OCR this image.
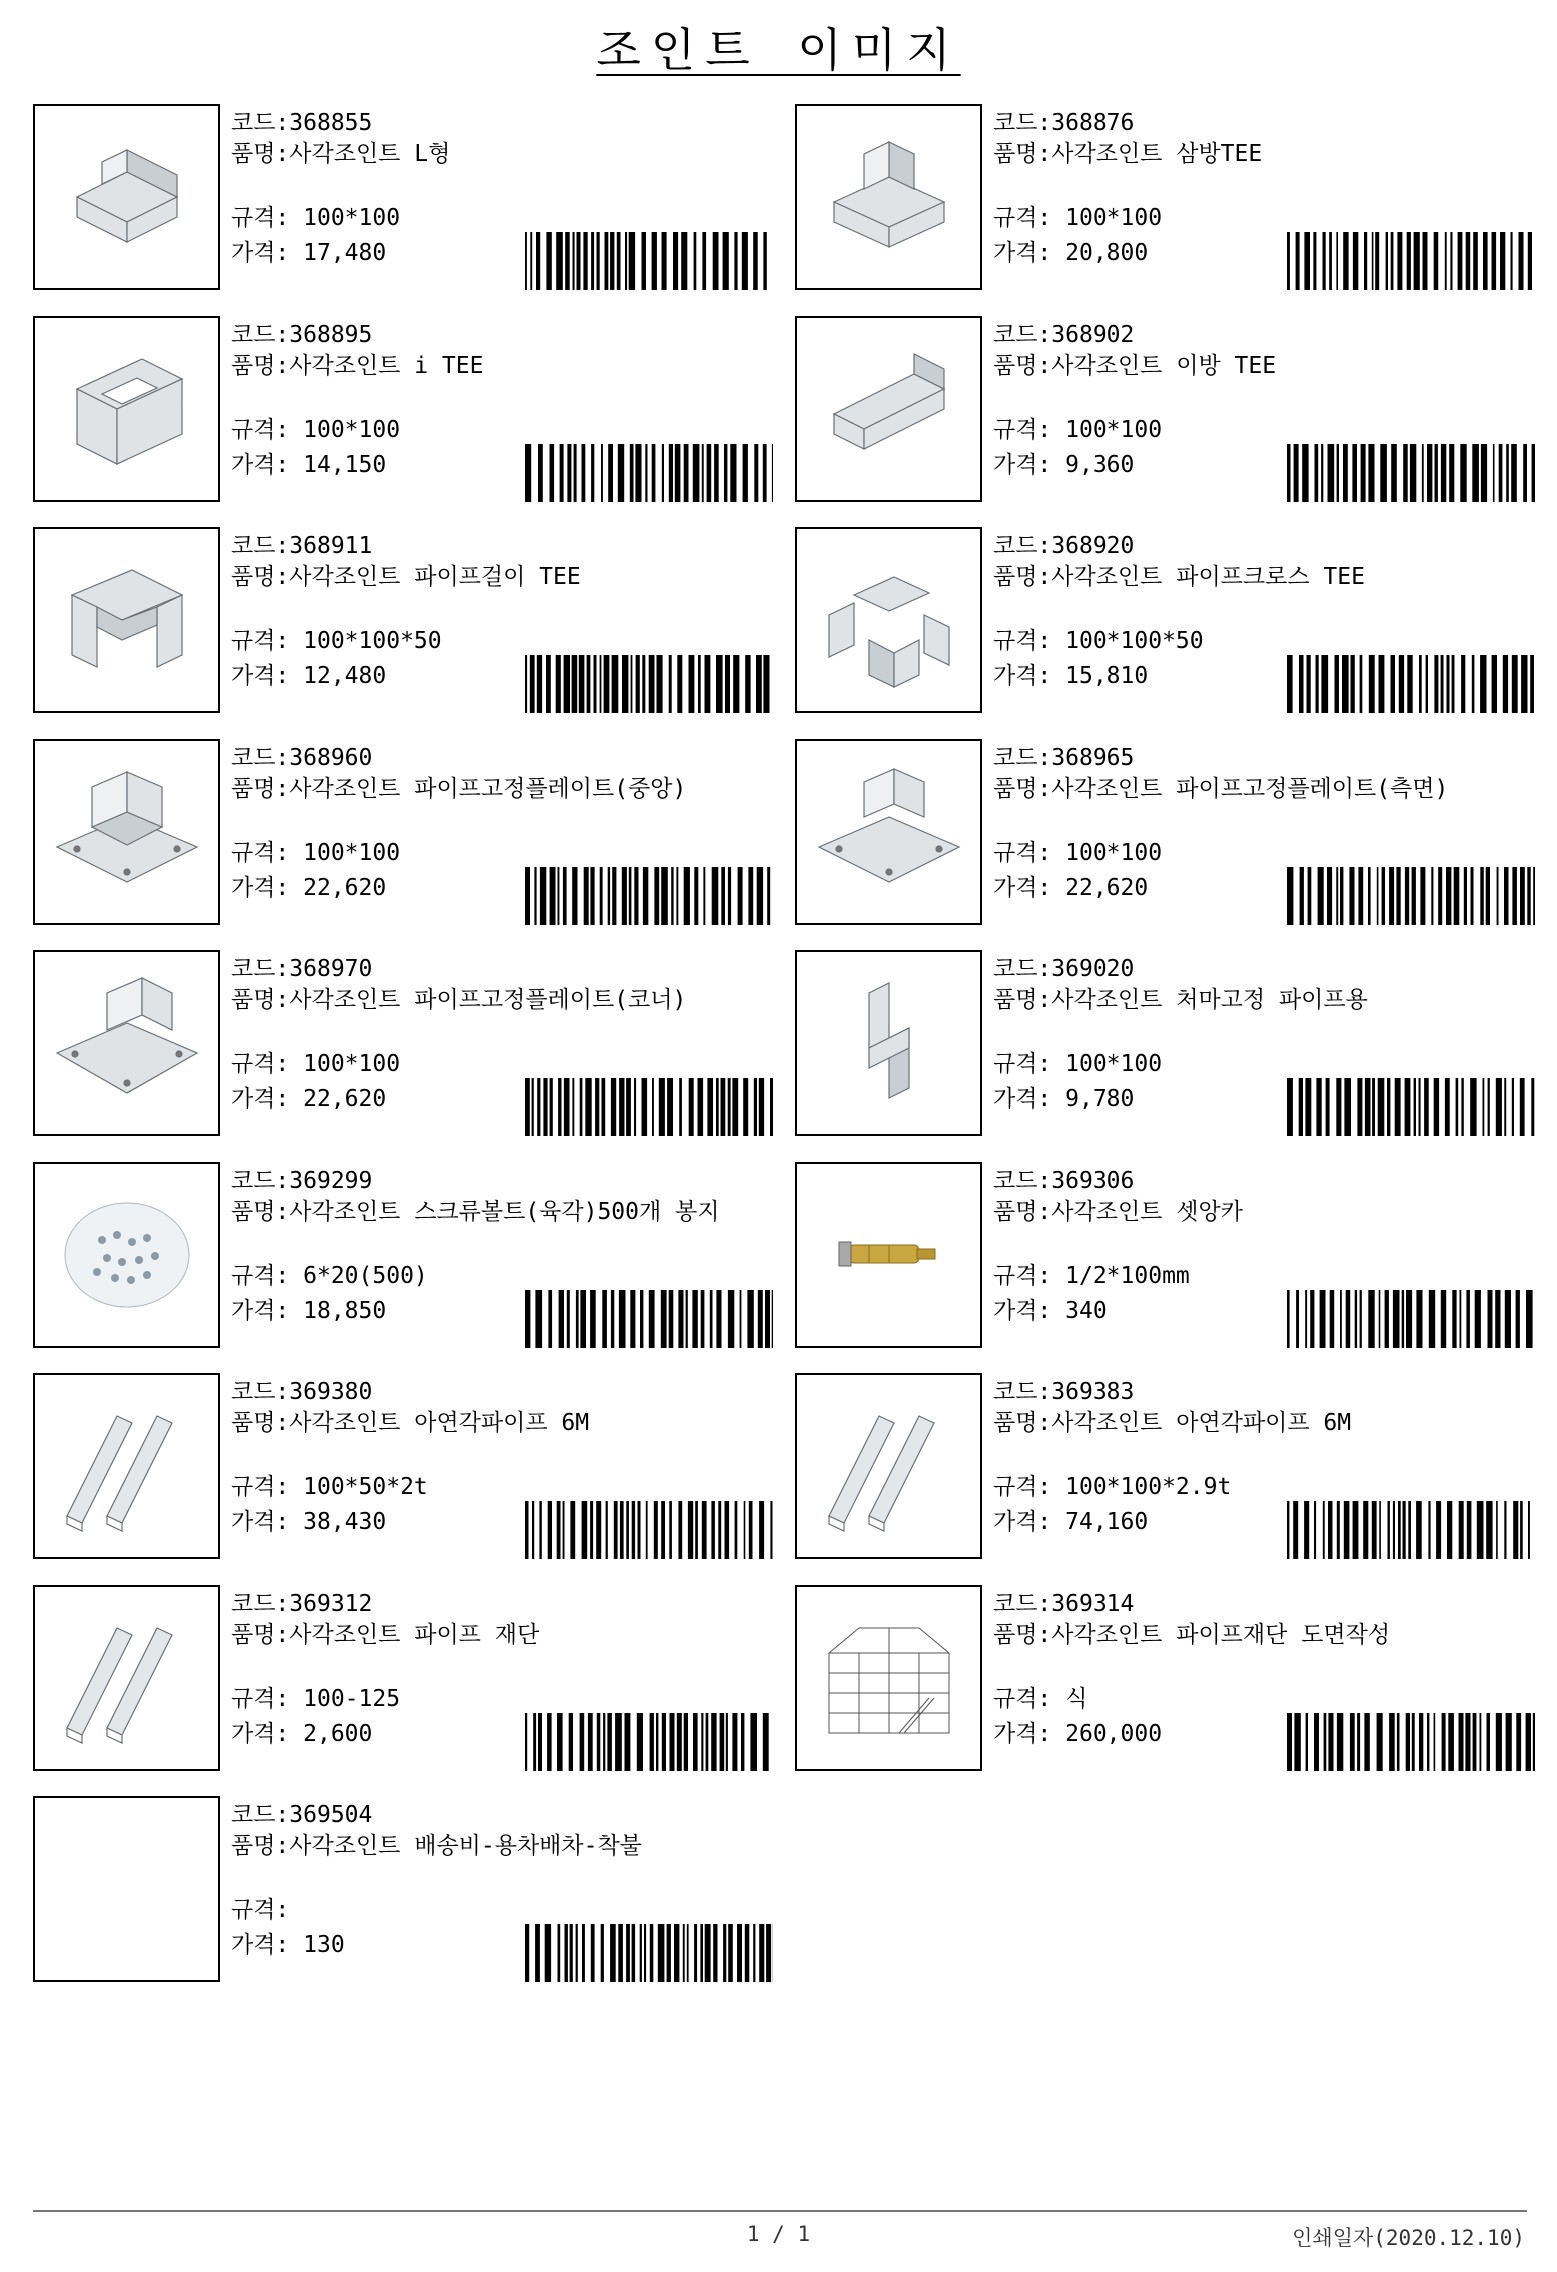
조인트 이미지
코드: 368855
품명: 사각조인트 L형
규격: 100*100
가격: 17,480
코드: 368876
품명: 사각조인트 삼방TEE
규격: 100*100
가격: 20,800
코드: 368895
품명: 사각조인트 i TEE
규격: 100*100
가격: 14,150
코드: 368902
품명: 사각조인트 이방 TEE
규격: 100*100
가격: 9,360
코드: 368911
품명: 사각조인트 파이프걸이 TEE
규격: 100*100*50
가격: 12,480
코드: 368920
품명: 사각조인트 파이프크로스 TEE
규격: 100*100*50
가격: 15,810
코드: 368960
품명: 사각조인트 파이프고정플레이트(중앙)
규격: 100*100
가격: 22,620
코드: 368965
품명: 사각조인트 파이프고정플레이트(측면)
규격: 100*100
가격: 22,620
코드: 368970
품명: 사각조인트 파이프고정플레이트(코너)
규격: 100*100
가격: 22,620
코드: 369020
품명: 사각조인트 처마고정 파이프용
규격: 100*100
가격: 9,780
코드: 369299
품명: 사각조인트 스크류볼트(육각)500개 봉지
규격: 6*20(500)
가격: 18,850
코드: 369306
품명: 사각조인트 셋앙카
규격: 1/2*100mm
가격: 340
코드: 369380
품명: 사각조인트 아연각파이프 6M
규격: 100*50*2t
가격: 38,430
코드: 369383
품명: 사각조인트 아연각파이프 6M
규격: 100*100*2.9t
가격: 74,160
코드: 369312
품명: 사각조인트 파이프 재단
규격: 100-125
가격: 2,600
코드: 369314
품명: 사각조인트 파이프재단 도면작성
규격: 식
가격: 260,000
코드: 369504
품명: 사각조인트 배송비-용차배차-착불
규격:
가격: 130
1 / 1	인쇄일자(2020.12.10)
